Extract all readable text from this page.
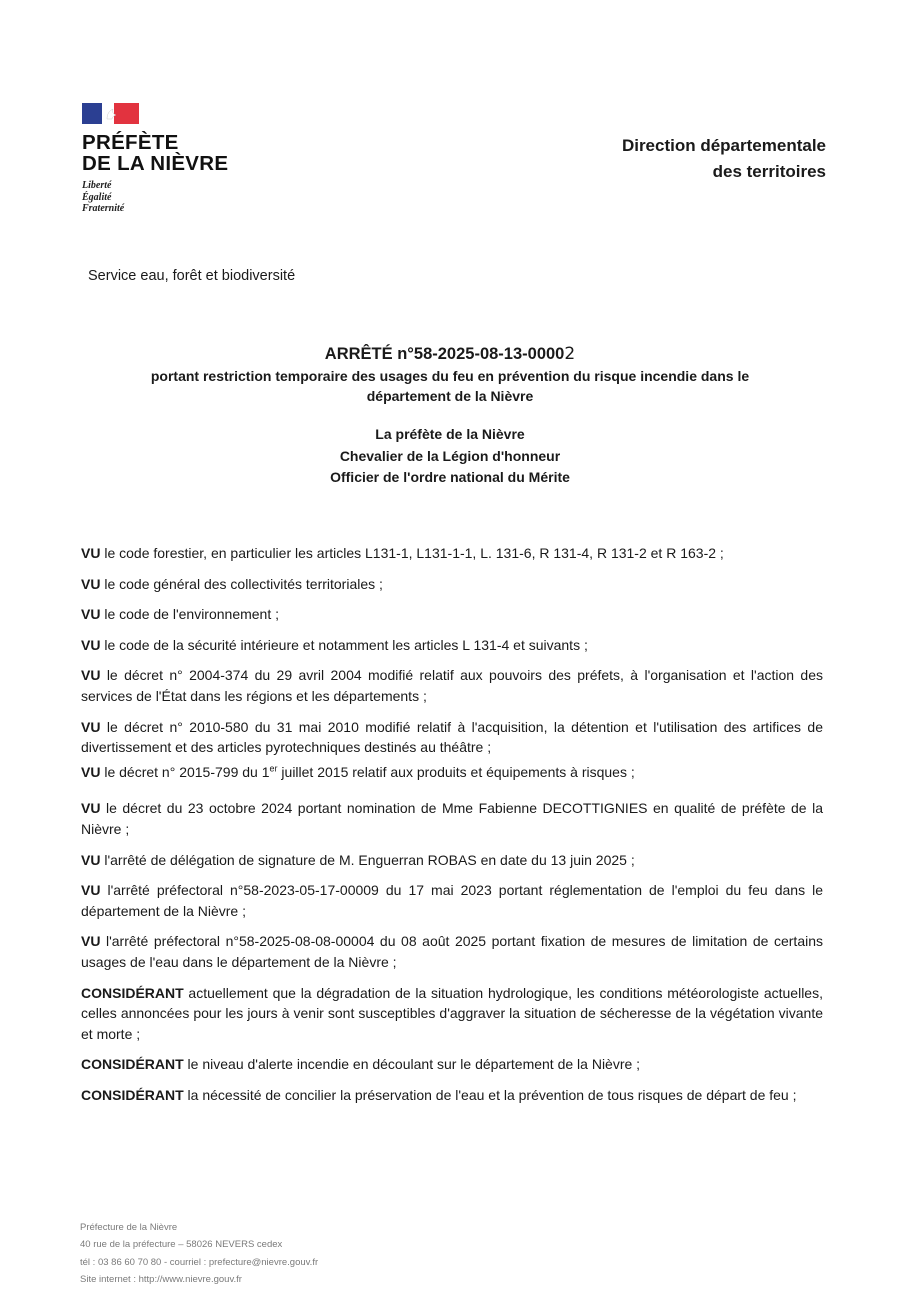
PRÉFÈTE
DE LA NIÈVRE
Liberté
Égalité
Fraternité
Direction départementale
des territoires
Service eau, forêt et biodiversité
ARRÊTÉ n°58-2025-08-13-00002
portant restriction temporaire des usages du feu en prévention du risque incendie dans le
département de la Nièvre
La préfète de la Nièvre
Chevalier de la Légion d'honneur
Officier de l'ordre national du Mérite

VU le code forestier, en particulier les articles L131-1, L131-1-1, L. 131-6, R 131-4, R 131-2 et R 163-2 ;

VU le code général des collectivités territoriales ;

VU le code de l'environnement ;

VU le code de la sécurité intérieure et notamment les articles L 131-4 et suivants ;

VU le décret n° 2004-374 du 29 avril 2004 modifié relatif aux pouvoirs des préfets, à l'organisation et l'action des services de l'État dans les régions et les départements ;

VU le décret n° 2010-580 du 31 mai 2010 modifié relatif à l'acquisition, la détention et l'utilisation des artifices de divertissement et des articles pyrotechniques destinés au théâtre ;

VU le décret n° 2015-799 du 1er juillet 2015 relatif aux produits et équipements à risques ;

VU le décret du 23 octobre 2024 portant nomination de Mme Fabienne DECOTTIGNIES en qualité de préfète de la Nièvre ;

VU l'arrêté de délégation de signature de M. Enguerran ROBAS en date du 13 juin 2025 ;

VU l'arrêté préfectoral n°58-2023-05-17-00009 du 17 mai 2023 portant réglementation de l'emploi du feu dans le département de la Nièvre ;

VU l'arrêté préfectoral n°58-2025-08-08-00004 du 08 août 2025 portant fixation de mesures de limitation de certains usages de l'eau dans le département de la Nièvre ;

CONSIDÉRANT actuellement que la dégradation de la situation hydrologique, les conditions météorologiste actuelles, celles annoncées pour les jours à venir sont susceptibles d'aggraver la situation de sécheresse de la végétation vivante et morte ;

CONSIDÉRANT le niveau d'alerte incendie en découlant sur le département de la Nièvre ;

CONSIDÉRANT la nécessité de concilier la préservation de l'eau et la prévention de tous risques de départ de feu ;

Préfecture de la Nièvre
40 rue de la préfecture – 58026 NEVERS cedex
tél : 03 86 60 70 80 - courriel : prefecture@nievre.gouv.fr
Site internet : http://www.nievre.gouv.fr
